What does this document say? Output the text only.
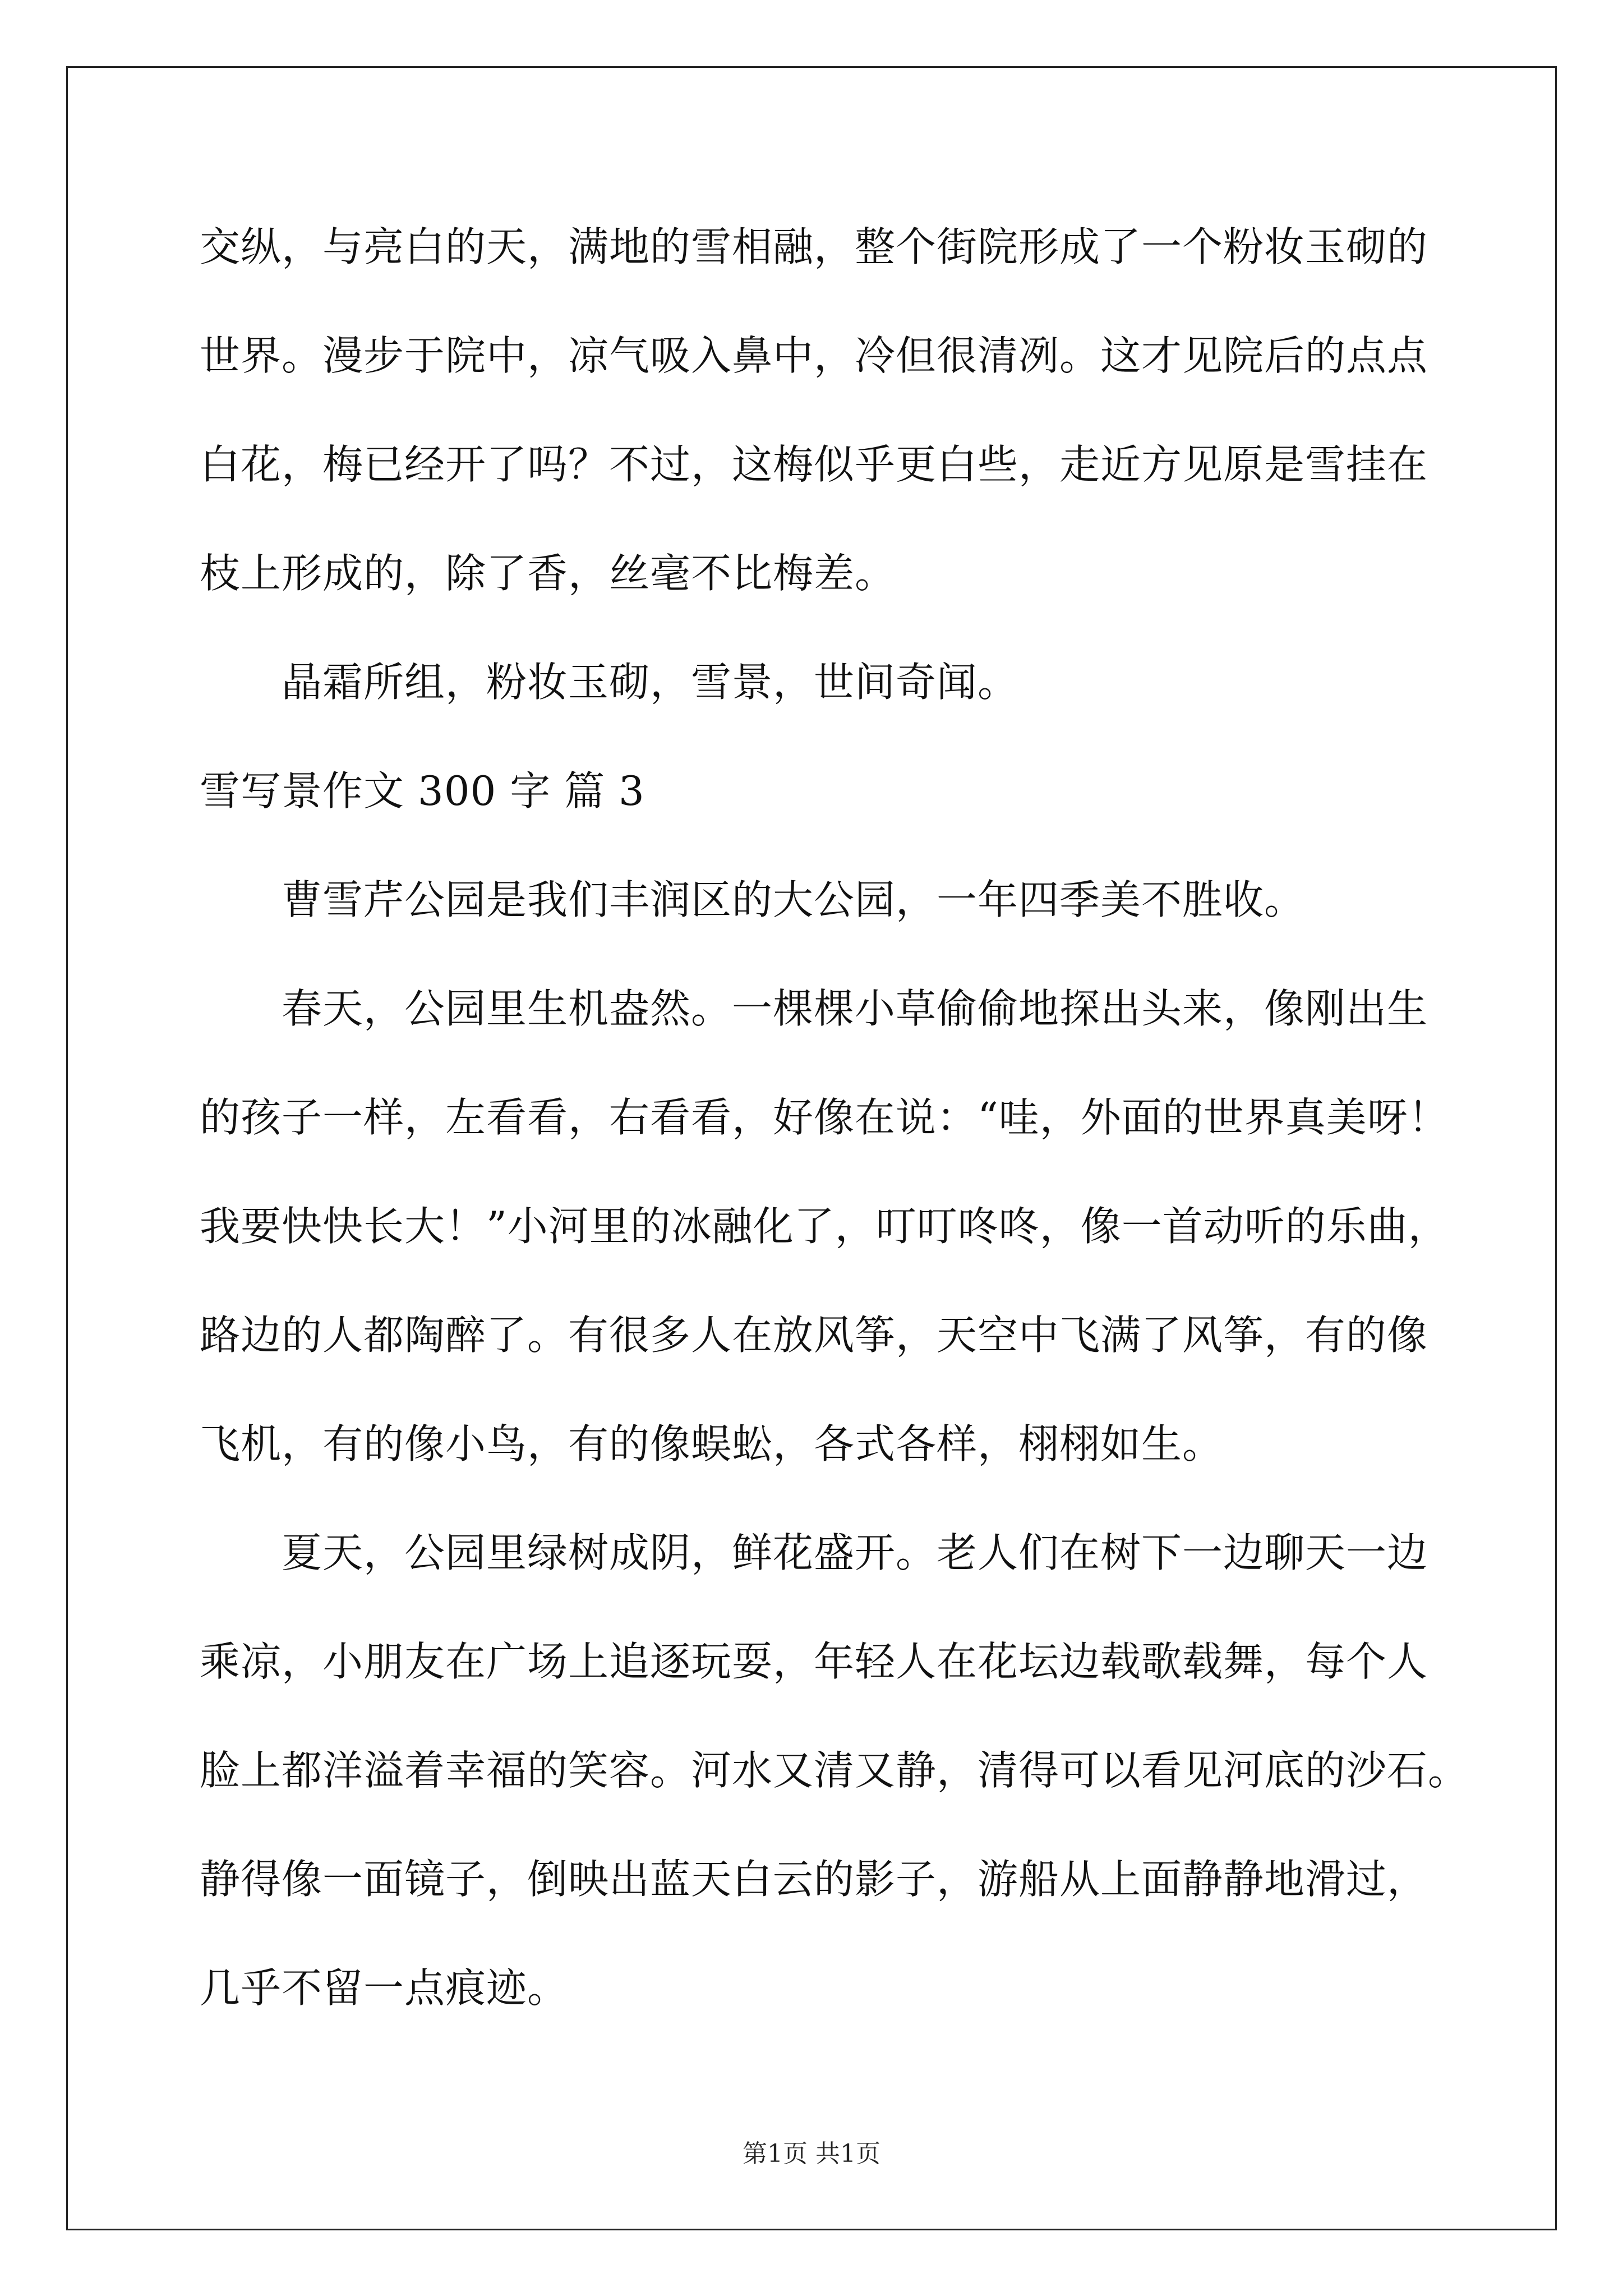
交纵，与亮白的天，满地的雪相融，整个街院形成了一个粉妆玉砌的
世界。漫步于院中，凉气吸入鼻中，冷但很清冽。这才见院后的点点
白花，梅已经开了吗？不过，这梅似乎更白些，走近方见原是雪挂在
枝上形成的，除了香，丝毫不比梅差。
晶霜所组，粉妆玉砌，雪景，世间奇闻。
雪写景作文 300 字 篇 3
曹雪芹公园是我们丰润区的大公园，一年四季美不胜收。
春天，公园里生机盎然。一棵棵小草偷偷地探出头来，像刚出生
的孩子一样，左看看，右看看，好像在说：“哇，外面的世界真美呀！
我要快快长大！”小河里的冰融化了，叮叮咚咚，像一首动听的乐曲，
路边的人都陶醉了。有很多人在放风筝，天空中飞满了风筝，有的像
飞机，有的像小鸟，有的像蜈蚣，各式各样，栩栩如生。
夏天，公园里绿树成阴，鲜花盛开。老人们在树下一边聊天一边
乘凉，小朋友在广场上追逐玩耍，年轻人在花坛边载歌载舞，每个人
脸上都洋溢着幸福的笑容。河水又清又静，清得可以看见河底的沙石。
静得像一面镜子，倒映出蓝天白云的影子，游船从上面静静地滑过，
几乎不留一点痕迹。
第1页 共1页
